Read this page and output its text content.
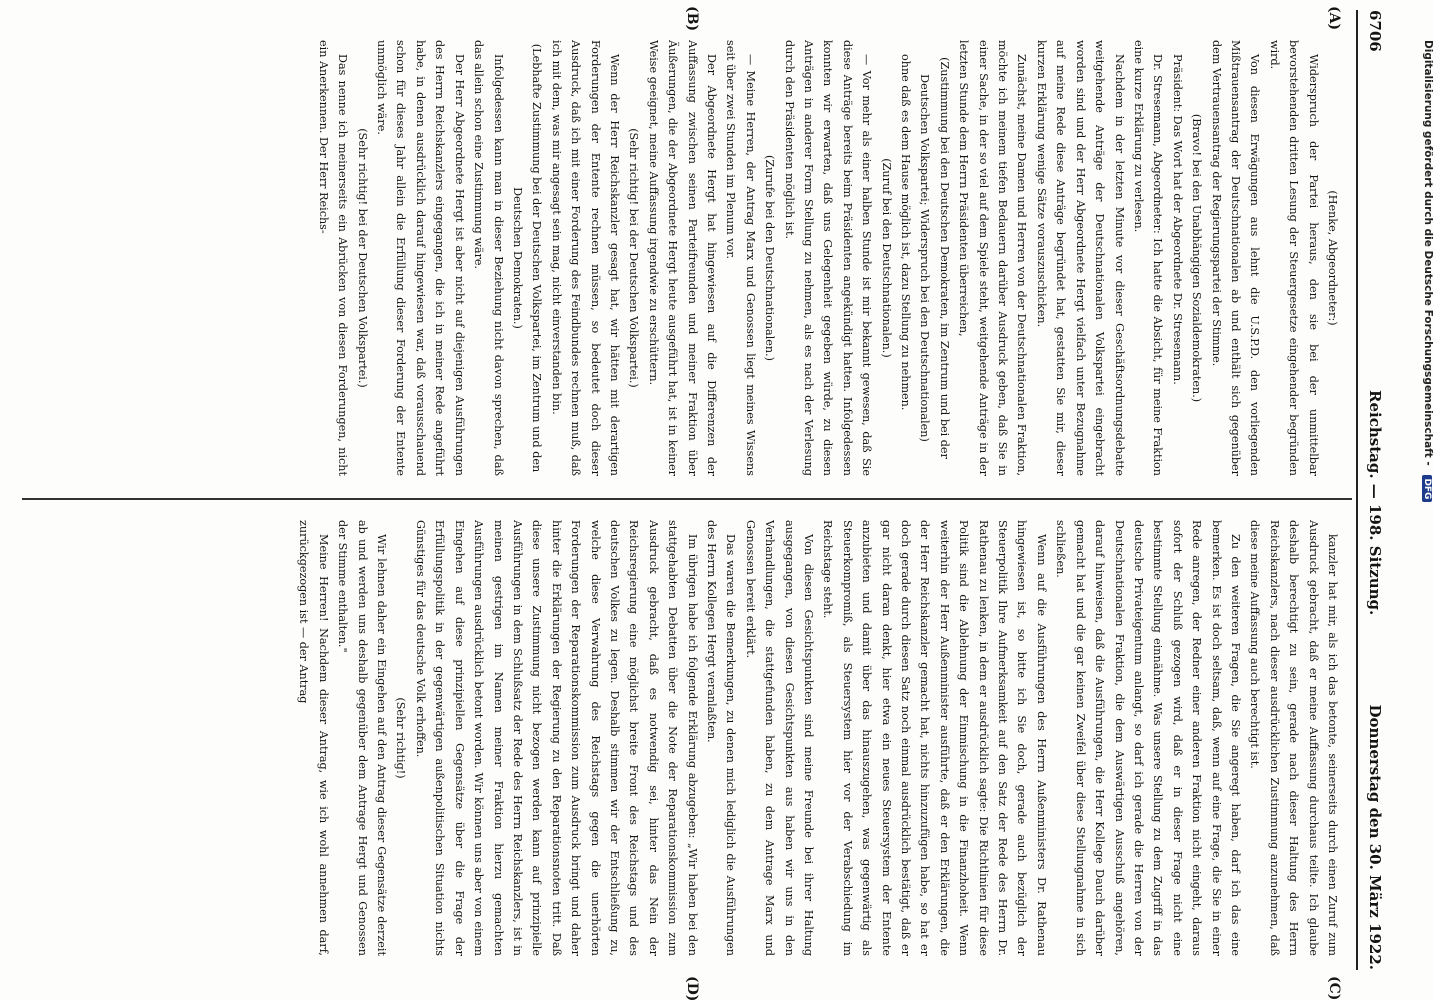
6706
Reichstag. — 198. Sitzung.
Donnerstag den 30. März 1922.
(A)
(B)
(C)
(D)

(Henke, Abgeordneter:)

Widerspruch der Partei heraus, den sie bei der unmittelbar bevorstehenden dritten Lesung der Steuergesetze eingehender begründen wird.

Von diesen Erwägungen aus lehnt die U.S.P.D. den vorliegenden Mißtrauensantrag der Deutschnationalen ab und enthält sich gegenüber dem Vertrauensantrag der Regierungspartei der Stimme.

(Bravo! bei den Unabhängigen Sozialdemokraten.)

Präsident: Das Wort hat der Abgeordnete Dr. Stresemann.

Dr. Stresemann, Abgeordneter: Ich hatte die Absicht, für meine Fraktion eine kurze Erklärung zu verlesen.

Nachdem in der letzten Minute vor dieser Geschäftsordnungsdebatte weitgehende Anträge der Deutschnationalen Volkspartei eingebracht worden sind und der Herr Abgeordnete Hergt vielfach unter Bezugnahme auf meine Rede diese Anträge begründet hat, gestatten Sie mir, dieser kurzen Erklärung wenige Sätze vorauszuschicken.

Zunächst, meine Damen und Herren von der Deutschnationalen Fraktion, möchte ich meinem tiefen Bedauern darüber Ausdruck geben, daß Sie in einer Sache, in der so viel auf dem Spiele steht, weitgehende Anträge in der letzten Stunde dem Herrn Präsidenten überreichen,

(Zustimmung bei den Deutschen Demokraten, im Zentrum und bei der Deutschen Volkspartei; Widerspruch bei den Deutschnationalen)

ohne daß es dem Hause möglich ist, dazu Stellung zu nehmen.

(Zuruf bei den Deutschnationalen.)

— Vor mehr als einer halben Stunde ist mir bekannt gewesen, daß Sie diese Anträge bereits beim Präsidenten angekündigt hatten. Infolgedessen konnten wir erwarten, daß uns Gelegenheit gegeben würde, zu diesen Anträgen in anderer Form Stellung zu nehmen, als es nach der Verlesung durch den Präsidenten möglich ist.

(Zurufe bei den Deutschnationalen.)

— Meine Herren, der Antrag Marx und Genossen liegt meines Wissens seit über zwei Stunden im Plenum vor.

Der Abgeordnete Hergt hat hingewiesen auf die Differenzen der Auffassung zwischen seinen Parteifreunden und meiner Fraktion über Äußerungen, die der Abgeordnete Hergt heute ausgeführt hat, ist in keiner Weise geeignet, meine Auffassung irgendwie zu erschüttern.

(Sehr richtig! bei der Deutschen Volkspartei.)

Wenn der Herr Reichskanzler gesagt hat, wir hätten mit derartigen Forderungen der Entente rechnen müssen, so bedeutet doch dieser Ausdruck, daß ich mit einer Forderung des Feindbundes rechnen muß, daß ich mit dem, was mir angesagt sein mag, nicht einverstanden bin.

(Lebhafte Zustimmung bei der Deutschen Volkspartei, im Zentrum und den Deutschen Demokraten.)

Infolgedessen kann man in dieser Beziehung nicht davon sprechen, daß das allein schon eine Zustimmung wäre.

Der Herr Abgeordnete Hergt ist aber nicht auf diejenigen Ausführungen des Herrn Reichskanzlers eingegangen, die ich in meiner Rede angeführt habe, in denen ausdrücklich darauf hingewiesen war, daß vorausschauend schon für dieses Jahr allein die Erfüllung dieser Forderung der Entente unmöglich wäre.

(Sehr richtig! bei der Deutschen Volkspartei.)

Das nenne ich meinerseits ein Abrücken von diesen Forderungen, nicht ein Anerkennen. Der Herr Reichs-

kanzler hat mir, als ich das betonte, seinerseits durch einen Zuruf zum Ausdruck gebracht, daß er meine Auffassung durchaus teilte. Ich glaube deshalb berechtigt zu sein, gerade nach dieser Haltung des Herrn Reichskanzlers, nach dieser ausdrücklichen Zustimmung anzunehmen, daß diese meine Auffassung auch berechtigt ist.

Zu den weiteren Fragen, die Sie angeregt haben, darf ich das eine bemerken. Es ist doch seltsam, daß, wenn auf eine Frage, die Sie in einer Rede anregen, der Redner einer anderen Fraktion nicht eingeht, daraus sofort der Schluß gezogen wird, daß er in dieser Frage nicht eine bestimmte Stellung einnähme. Was unsere Stellung zu dem Zugriff in das deutsche Privateigentum anlangt, so darf ich gerade die Herren von der Deutschnationalen Fraktion, die dem Auswärtigen Ausschuß angehören, darauf hinweisen, daß die Ausführungen, die Herr Kollege Dauch darüber gemacht hat und die gar keinen Zweifel über diese Stellungnahme in sich schließen.

Wenn auf die Ausführungen des Herrn Außenministers Dr. Rathenau hingewiesen ist, so bitte ich Sie doch, gerade auch bezüglich der Steuerpolitik Ihre Aufmerksamkeit auf den Satz der Rede des Herrn Dr. Rathenau zu lenken, in dem er ausdrücklich sagte: Die Richtlinien für diese Politik sind die Ablehnung der Einmischung in die Finanzhoheit. Wenn weiterhin der Herr Außenminister ausführte, daß er den Erklärungen, die der Herr Reichskanzler gemacht hat, nichts hinzuzufügen habe, so hat er doch gerade durch diesen Satz noch einmal ausdrücklich bestätigt, daß er gar nicht daran denkt, hier etwa ein neues Steuersystem der Entente anzubieten und damit über das hinauszugehen, was gegenwärtig als Steuerkompromiß, als Steuersystem hier vor der Verabschiedung im Reichstage steht.

Von diesen Gesichtspunkten sind meine Freunde bei ihrer Haltung ausgegangen, von diesen Gesichtspunkten aus haben wir uns in den Verhandlungen, die stattgefunden haben, zu dem Antrage Marx und Genossen bereit erklärt.

Das waren die Bemerkungen, zu denen mich lediglich die Ausführungen des Herrn Kollegen Hergt veranlaßten.

Im übrigen habe ich folgende Erklärung abzugeben: „Wir haben bei den stattgehabten Debatten über die Note der Reparationskommission zum Ausdruck gebracht, daß es notwendig sei, hinter das Nein der Reichsregierung eine möglichst breite Front des Reichstags und des deutschen Volkes zu legen. Deshalb stimmen wir der Entschließung zu, welche diese Verwahrung des Reichstags gegen die unerhörten Forderungen der Reparationskommission zum Ausdruck bringt und daher hinter die Erklärungen der Regierung zu den Reparationsnoten tritt. Daß diese unsere Zustimmung nicht bezogen werden kann auf prinzipielle Ausführungen in dem Schlußsatz der Rede des Herrn Reichskanzlers, ist in meinen gestrigen im Namen meiner Fraktion hierzu gemachten Ausführungen ausdrücklich betont worden. Wir können uns aber von einem Eingehen auf diese prinzipiellen Gegensätze über die Frage der Erfüllungspolitik in der gegenwärtigen außenpolitischen Situation nichts Günstiges für das deutsche Volk erhoffen.

(Sehr richtig!)

Wir lehnen daher ein Eingehen auf den Antrag dieser Gegensätze derzeit ab und werden uns deshalb gegenüber dem Antrage Hergt und Genossen der Stimme enthalten."

Meine Herren! Nachdem dieser Antrag, wie ich wohl annehmen darf, zurückgezogen ist — der Antrag

Digitalisierung gefördert durch die Deutsche Forschungsgemeinschaft - DFG
